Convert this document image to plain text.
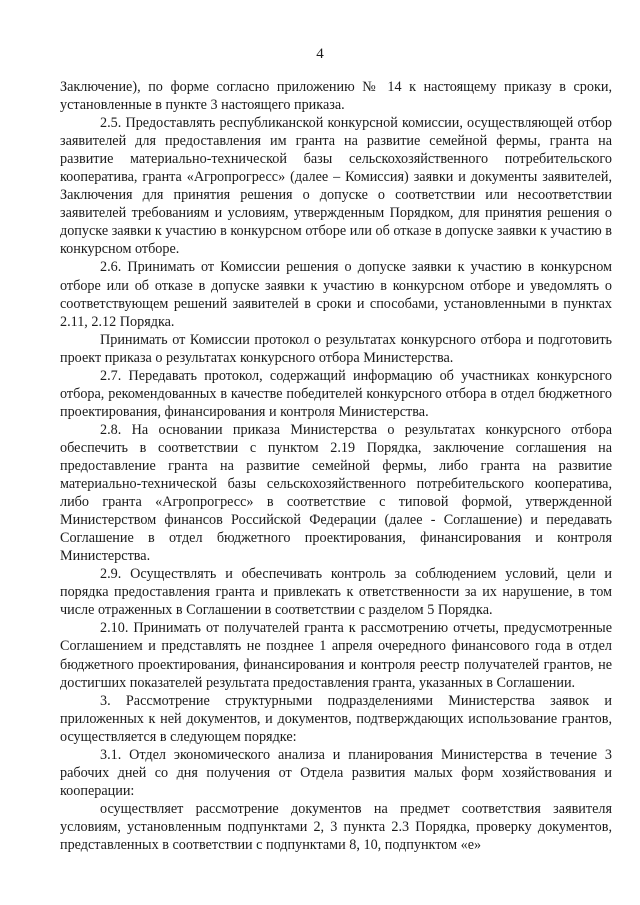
4

Заключение), по форме согласно приложению № 14 к настоящему приказу в сроки, установленные в пункте 3 настоящего приказа.

2.5. Предоставлять республиканской конкурсной комиссии, осуществляющей отбор заявителей для предоставления им гранта на развитие семейной фермы, гранта на развитие материально-технической базы сельскохозяйственного потребительского кооператива, гранта «Агропрогресс» (далее – Комиссия) заявки и документы заявителей, Заключения для принятия решения о допуске о соответствии или несоответствии заявителей требованиям и условиям, утвержденным Порядком, для принятия решения о допуске заявки к участию в конкурсном отборе или об отказе в допуске заявки к участию в конкурсном отборе.

2.6. Принимать от Комиссии решения о допуске заявки к участию в конкурсном отборе или об отказе в допуске заявки к участию в конкурсном отборе и уведомлять о соответствующем решений заявителей в сроки и способами, установленными в пунктах 2.11, 2.12 Порядка.

Принимать от Комиссии протокол о результатах конкурсного отбора и подготовить проект приказа о результатах конкурсного отбора Министерства.

2.7. Передавать протокол, содержащий информацию об участниках конкурсного отбора, рекомендованных в качестве победителей конкурсного отбора в отдел бюджетного проектирования, финансирования и контроля Министерства.

2.8. На основании приказа Министерства о результатах конкурсного отбора обеспечить в соответствии с пунктом 2.19 Порядка, заключение соглашения на предоставление гранта на развитие семейной фермы, либо гранта на развитие материально-технической базы сельскохозяйственного потребительского кооператива, либо гранта «Агропрогресс» в соответствие с типовой формой, утвержденной Министерством финансов Российской Федерации (далее - Соглашение) и передавать Соглашение в отдел бюджетного проектирования, финансирования и контроля Министерства.

2.9. Осуществлять и обеспечивать контроль за соблюдением условий, цели и порядка предоставления гранта и привлекать к ответственности за их нарушение, в том числе отраженных в Соглашении в соответствии с разделом 5 Порядка.

2.10. Принимать от получателей гранта к рассмотрению отчеты, предусмотренные Соглашением и представлять не позднее 1 апреля очередного финансового года в отдел бюджетного проектирования, финансирования и контроля реестр получателей грантов, не достигших показателей результата предоставления гранта, указанных в Соглашении.

3. Рассмотрение структурными подразделениями Министерства заявок и приложенных к ней документов, и документов, подтверждающих использование грантов, осуществляется в следующем порядке:

3.1. Отдел экономического анализа и планирования Министерства в течение 3 рабочих дней со дня получения от Отдела развития малых форм хозяйствования и кооперации:

осуществляет рассмотрение документов на предмет соответствия заявителя условиям, установленным подпунктами 2, 3 пункта 2.3 Порядка, проверку документов, представленных в соответствии с подпунктами 8, 10, подпунктом «е»
